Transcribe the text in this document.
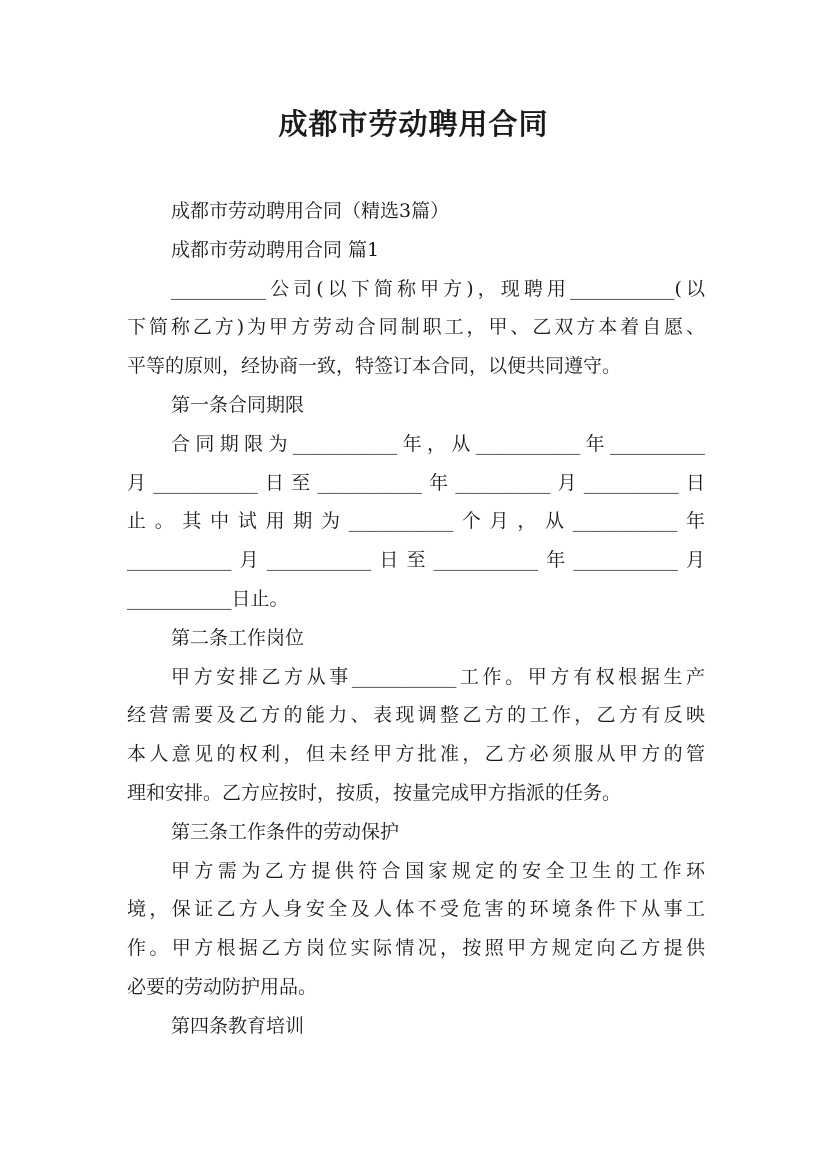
成都市劳动聘用合同

成都市劳动聘用合同（精选3篇）

成都市劳动聘用合同 篇1

__________公司(以下简称甲方)，现聘用___________(以

下简称乙方)为甲方劳动合同制职工，甲、乙双方本着自愿、

平等的原则，经协商一致，特签订本合同，以便共同遵守。

第一条合同期限

合同期限为___________年，从___________年__________

月___________日至___________年__________月__________日

止。其中试用期为___________个月，从___________年

___________月___________日至___________年___________月

___________日止。

第二条工作岗位

甲方安排乙方从事___________工作。甲方有权根据生产

经营需要及乙方的能力、表现调整乙方的工作，乙方有反映

本人意见的权利，但未经甲方批准，乙方必须服从甲方的管

理和安排。乙方应按时，按质，按量完成甲方指派的任务。

第三条工作条件的劳动保护

甲方需为乙方提供符合国家规定的安全卫生的工作环

境，保证乙方人身安全及人体不受危害的环境条件下从事工

作。甲方根据乙方岗位实际情况，按照甲方规定向乙方提供

必要的劳动防护用品。

第四条教育培训
